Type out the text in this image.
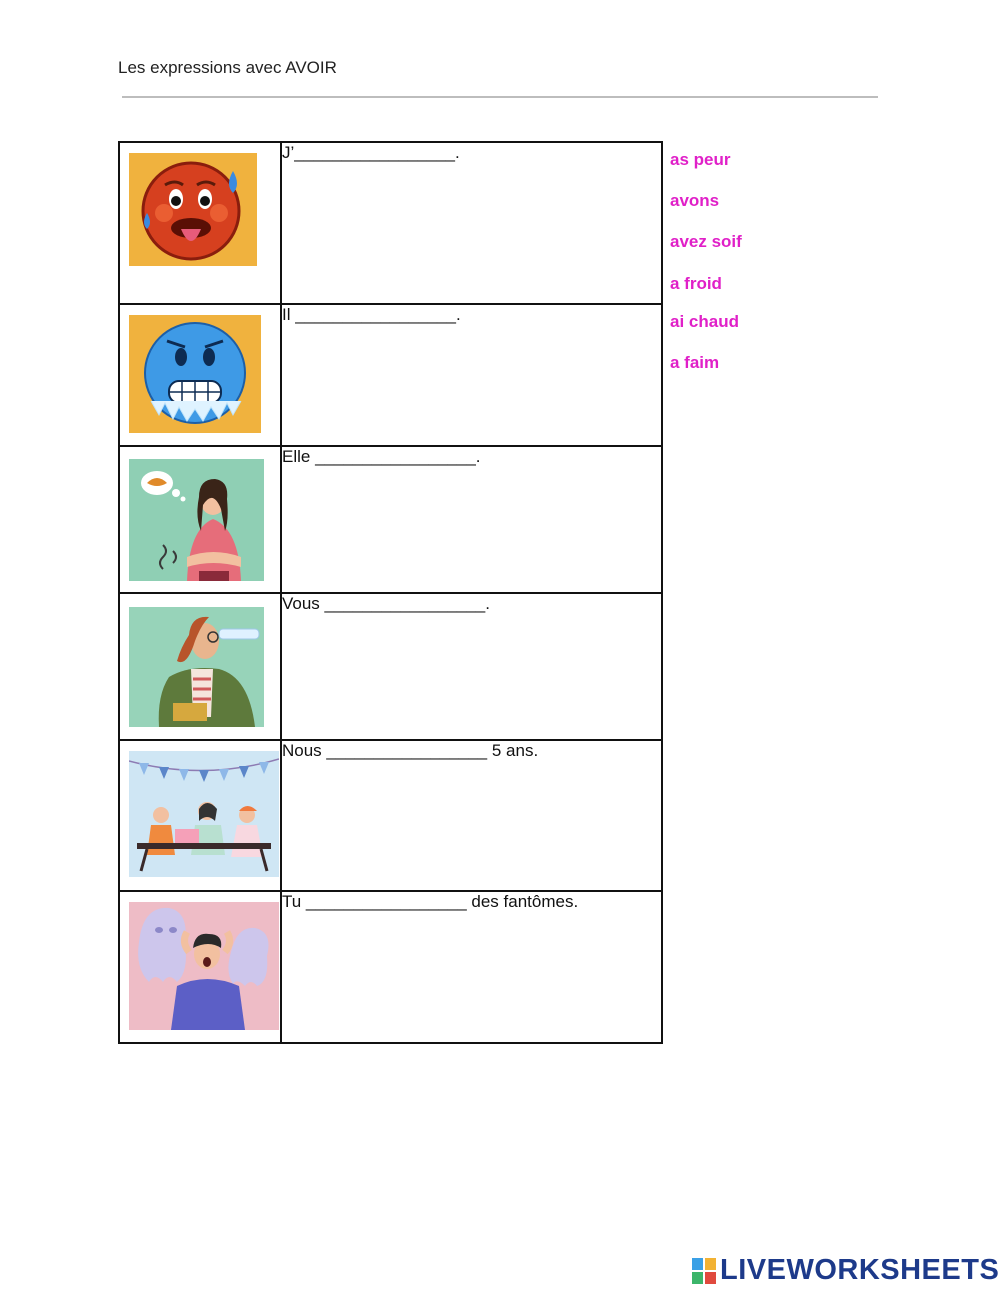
Les expressions avec AVOIR
	J’_________________.

	Il _________________.

	Elle _________________.

	Vous _________________.

	Nous _________________ 5 ans.

	Tu _________________ des fantômes.
as peur
avons
avez soif
a froid
ai chaud
a faim
LIVEWORKSHEETS
